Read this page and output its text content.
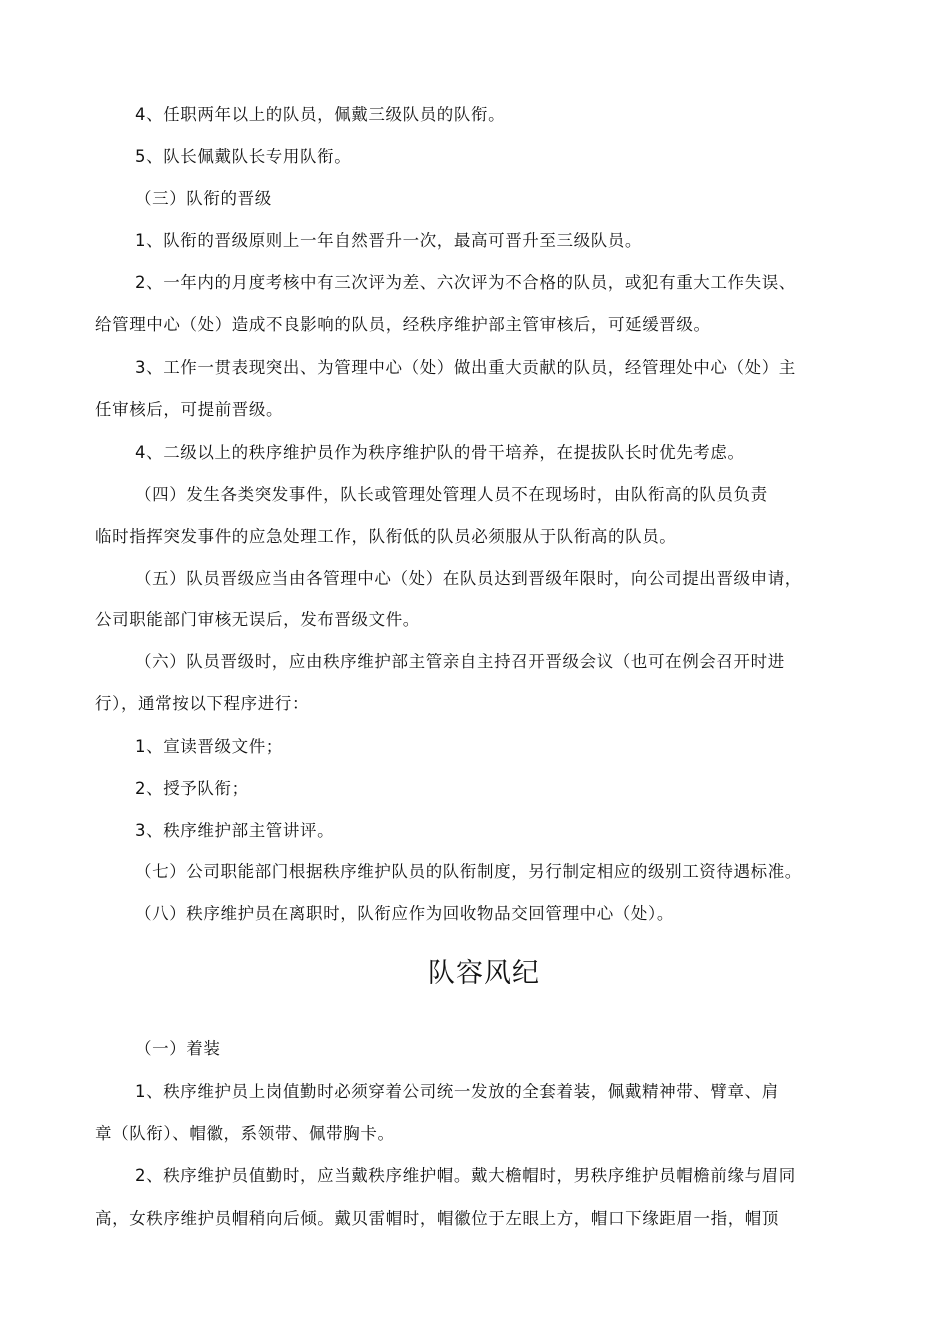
4、任职两年以上的队员，佩戴三级队员的队衔。
5、队长佩戴队长专用队衔。
（三）队衔的晋级
1、队衔的晋级原则上一年自然晋升一次，最高可晋升至三级队员。
2、一年内的月度考核中有三次评为差、六次评为不合格的队员，或犯有重大工作失误、
给管理中心（处）造成不良影响的队员，经秩序维护部主管审核后，可延缓晋级。
3、工作一贯表现突出、为管理中心（处）做出重大贡献的队员，经管理处中心（处）主
任审核后，可提前晋级。
4、二级以上的秩序维护员作为秩序维护队的骨干培养，在提拔队长时优先考虑。
（四）发生各类突发事件，队长或管理处管理人员不在现场时，由队衔高的队员负责
临时指挥突发事件的应急处理工作，队衔低的队员必须服从于队衔高的队员。
（五）队员晋级应当由各管理中心（处）在队员达到晋级年限时，向公司提出晋级申请，
公司职能部门审核无误后，发布晋级文件。
（六）队员晋级时，应由秩序维护部主管亲自主持召开晋级会议（也可在例会召开时进
行），通常按以下程序进行：
1、宣读晋级文件；
2、授予队衔；
3、秩序维护部主管讲评。
（七）公司职能部门根据秩序维护队员的队衔制度，另行制定相应的级别工资待遇标准。
（八）秩序维护员在离职时，队衔应作为回收物品交回管理中心（处）。
队容风纪
（一）着装
1、秩序维护员上岗值勤时必须穿着公司统一发放的全套着装，佩戴精神带、臂章、肩
章（队衔）、帽徽，系领带、佩带胸卡。
2、秩序维护员值勤时，应当戴秩序维护帽。戴大檐帽时，男秩序维护员帽檐前缘与眉同
高，女秩序维护员帽稍向后倾。戴贝雷帽时，帽徽位于左眼上方，帽口下缘距眉一指，帽顶
